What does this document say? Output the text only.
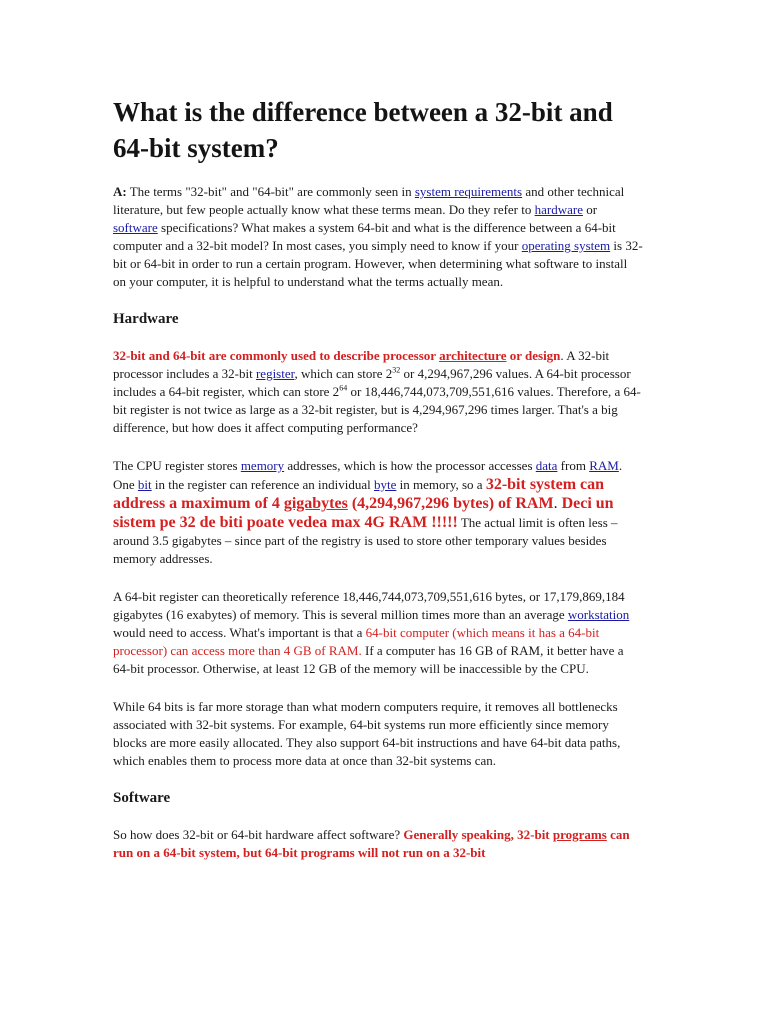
What is the difference between a 32-bit and 64-bit system?

A: The terms "32-bit" and "64-bit" are commonly seen in system requirements and other technical literature, but few people actually know what these terms mean. Do they refer to hardware or software specifications? What makes a system 64-bit and what is the difference between a 64-bit computer and a 32-bit model? In most cases, you simply need to know if your operating system is 32-bit or 64-bit in order to run a certain program. However, when determining what software to install on your computer, it is helpful to understand what the terms actually mean.

Hardware

32-bit and 64-bit are commonly used to describe processor architecture or design. A 32-bit processor includes a 32-bit register, which can store $2^{32}$ or 4,294,967,296 values. A 64-bit processor includes a 64-bit register, which can store $2^{64}$ or 18,446,744,073,709,551,616 values. Therefore, a 64-bit register is not twice as large as a 32-bit register, but is 4,294,967,296 times larger. That's a big difference, but how does it affect computing performance?

The CPU register stores memory addresses, which is how the processor accesses data from RAM. One bit in the register can reference an individual byte in memory, so a 32-bit system can address a maximum of 4 gigabytes (4,294,967,296 bytes) of RAM. Deci un sistem pe 32 de biti poate vedea max 4G RAM !!!!! The actual limit is often less – around 3.5 gigabytes – since part of the registry is used to store other temporary values besides memory addresses.

A 64-bit register can theoretically reference 18,446,744,073,709,551,616 bytes, or 17,179,869,184 gigabytes (16 exabytes) of memory. This is several million times more than an average workstation would need to access. What's important is that a 64-bit computer (which means it has a 64-bit processor) can access more than 4 GB of RAM. If a computer has 16 GB of RAM, it better have a 64-bit processor. Otherwise, at least 12 GB of the memory will be inaccessible by the CPU.

While 64 bits is far more storage than what modern computers require, it removes all bottlenecks associated with 32-bit systems. For example, 64-bit systems run more efficiently since memory blocks are more easily allocated. They also support 64-bit instructions and have 64-bit data paths, which enables them to process more data at once than 32-bit systems can.

Software

So how does 32-bit or 64-bit hardware affect software? Generally speaking, 32-bit programs can run on a 64-bit system, but 64-bit programs will not run on a 32-bit
